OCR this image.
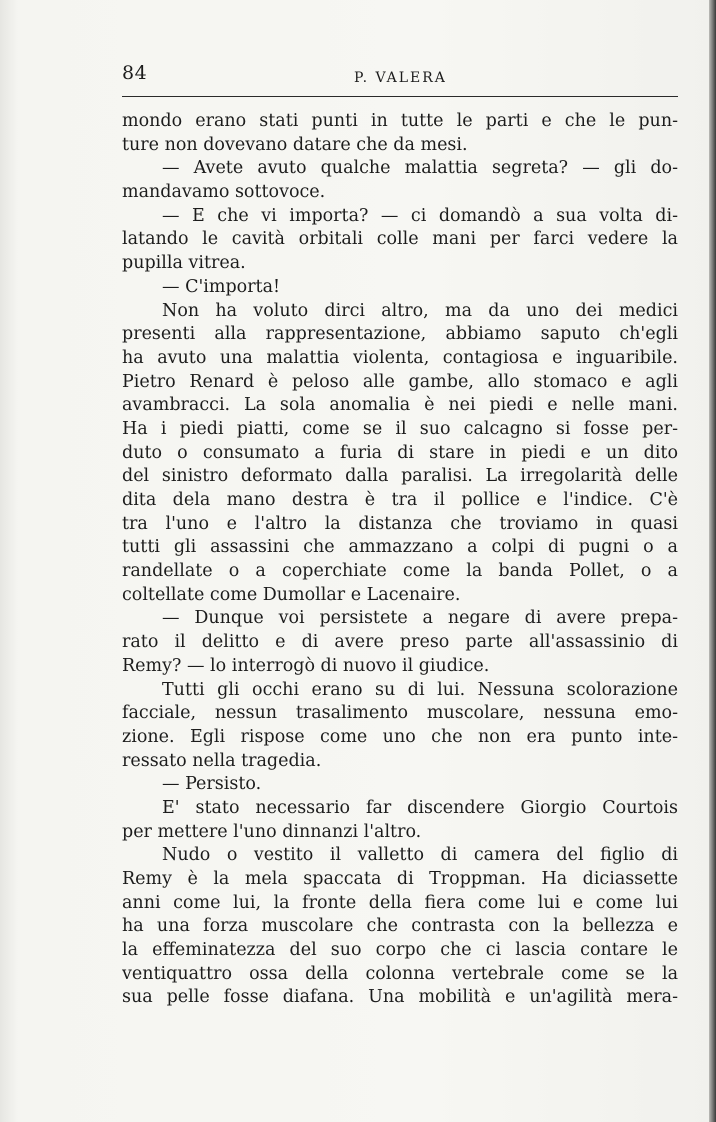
84	P. VALERA
mondo erano stati punti in tutte le parti e che le pun-
ture non dovevano datare che da mesi.
— Avete avuto qualche malattia segreta? — gli do-
mandavamo sottovoce.
— E che vi importa? — ci domandò a sua volta di-
latando le cavità orbitali colle mani per farci vedere la
pupilla vitrea.
— C'importa!
Non ha voluto dirci altro, ma da uno dei medici
presenti alla rappresentazione, abbiamo saputo ch'egli
ha avuto una malattia violenta, contagiosa e inguaribile.
Pietro Renard è peloso alle gambe, allo stomaco e agli
avambracci. La sola anomalia è nei piedi e nelle mani.
Ha i piedi piatti, come se il suo calcagno si fosse per-
duto o consumato a furia di stare in piedi e un dito
del sinistro deformato dalla paralisi. La irregolarità delle
dita dela mano destra è tra il pollice e l'indice. C'è
tra l'uno e l'altro la distanza che troviamo in quasi
tutti gli assassini che ammazzano a colpi di pugni o a
randellate o a coperchiate come la banda Pollet, o a
coltellate come Dumollar e Lacenaire.
— Dunque voi persistete a negare di avere prepa-
rato il delitto e di avere preso parte all'assassinio di
Remy? — lo interrogò di nuovo il giudice.
Tutti gli occhi erano su di lui. Nessuna scolorazione
facciale, nessun trasalimento muscolare, nessuna emo-
zione. Egli rispose come uno che non era punto inte-
ressato nella tragedia.
— Persisto.
E' stato necessario far discendere Giorgio Courtois
per mettere l'uno dinnanzi l'altro.
Nudo o vestito il valletto di camera del figlio di
Remy è la mela spaccata di Troppman. Ha diciassette
anni come lui, la fronte della fiera come lui e come lui
ha una forza muscolare che contrasta con la bellezza e
la effeminatezza del suo corpo che ci lascia contare le
ventiquattro ossa della colonna vertebrale come se la
sua pelle fosse diafana. Una mobilità e un'agilità mera-
